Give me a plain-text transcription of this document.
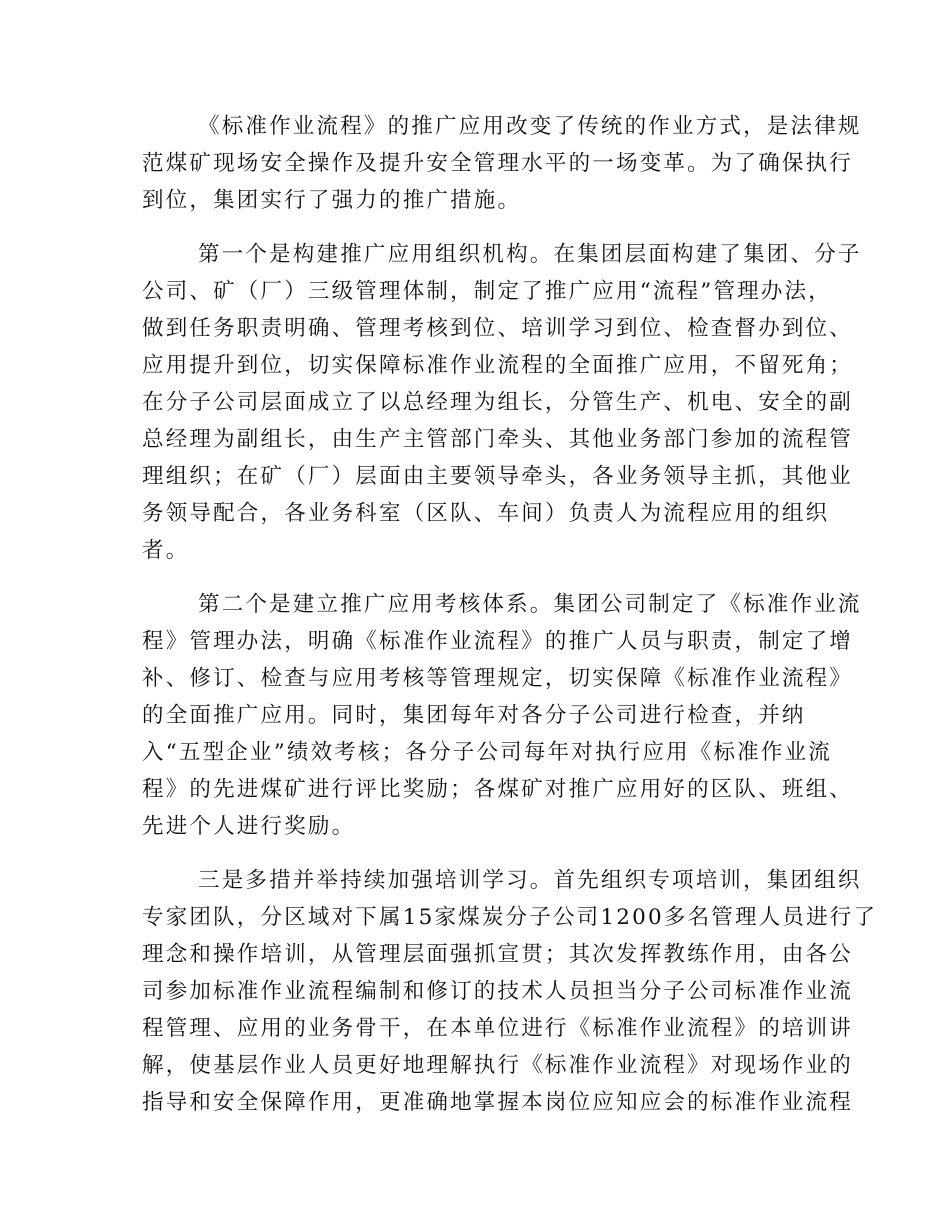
《标准作业流程》的推广应用改变了传统的作业方式，是法律规
范煤矿现场安全操作及提升安全管理水平的一场变革。为了确保执行
到位，集团实行了强力的推广措施。

第一个是构建推广应用组织机构。在集团层面构建了集团、分子
公司、矿（厂）三级管理体制，制定了推广应用“流程”管理办法，
做到任务职责明确、管理考核到位、培训学习到位、检查督办到位、
应用提升到位，切实保障标准作业流程的全面推广应用，不留死角；
在分子公司层面成立了以总经理为组长，分管生产、机电、安全的副
总经理为副组长，由生产主管部门牵头、其他业务部门参加的流程管
理组织；在矿（厂）层面由主要领导牵头，各业务领导主抓，其他业
务领导配合，各业务科室（区队、车间）负责人为流程应用的组织
者。

第二个是建立推广应用考核体系。集团公司制定了《标准作业流
程》管理办法，明确《标准作业流程》的推广人员与职责，制定了增
补、修订、检查与应用考核等管理规定，切实保障《标准作业流程》
的全面推广应用。同时，集团每年对各分子公司进行检查，并纳
入“五型企业”绩效考核；各分子公司每年对执行应用《标准作业流
程》的先进煤矿进行评比奖励；各煤矿对推广应用好的区队、班组、
先进个人进行奖励。

三是多措并举持续加强培训学习。首先组织专项培训，集团组织
专家团队，分区域对下属15家煤炭分子公司1200多名管理人员进行了
理念和操作培训，从管理层面强抓宣贯；其次发挥教练作用，由各公
司参加标准作业流程编制和修订的技术人员担当分子公司标准作业流
程管理、应用的业务骨干，在本单位进行《标准作业流程》的培训讲
解，使基层作业人员更好地理解执行《标准作业流程》对现场作业的
指导和安全保障作用，更准确地掌握本岗位应知应会的标准作业流程
